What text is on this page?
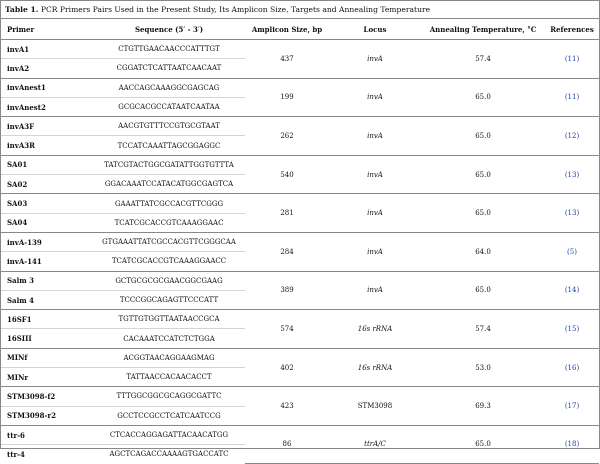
Table 1. PCR Primers Pairs Used in the Present Study, Its Amplicon Size, Targets and Annealing Temperature
Primer	Sequence (5′ - 3′)	Amplicon Size, bp	Locus	Annealing Temperature, °C	References
invA1	CTGTTGAACAACCCATTTGT	437	invA	57.4	(11)
invA2	CGGATCTCATTAATCAACAAT				
invAnest1	AACCAGCAAAGGCGAGCAG	199	invA	65.0	(11)
invAnest2	GCGCACGCCATAATCAATAA				
invA3F	AACGTGTTTCCGTGCGTAAT	262	invA	65.0	(12)
invA3R	TCCATCAAATTAGCGGAGGC				
SA01	TATCGTACTGGCGATATTGGTGTTTA	540	invA	65.0	(13)
SA02	GGACAAATCCATACATGGCGAGTCA				
SA03	GAAATTATCGCCACGTTCGGG	281	invA	65.0	(13)
SA04	TCATCGCACCGTCAAAGGAAC				
invA-139	GTGAAATTATCGCCACGTTCGGGCAA	284	invA	64.0	(5)
invA-141	TCATCGCACCGTCAAAGGAACC				
Salm 3	GCTGCGCGCGAACGGCGAAG	389	invA	65.0	(14)
Salm 4	TCCCGGCAGAGTTCCCATT				
16SF1	TGTTGTGGTTAATAACCGCA	574	16s rRNA	57.4	(15)
16SIII	CACAAATCCATCTCTGGA				
MINf	ACGGTAACAGGAAGMAG	402	16s rRNA	53.0	(16)
MINr	TATTAACCACAACACCT				
STM3098-f2	TTTGGCGGCGCAGGCGATTC	423	STM3098	69.3	(17)
STM3098-r2	GCCTCCGCCTCATCAATCCG				
ttr-6	CTCACCAGGAGATTACAACATGG	86	ttrA/C	65.0	(18)
ttr-4	AGCTCAGACCAAAAGTGACCATC				
